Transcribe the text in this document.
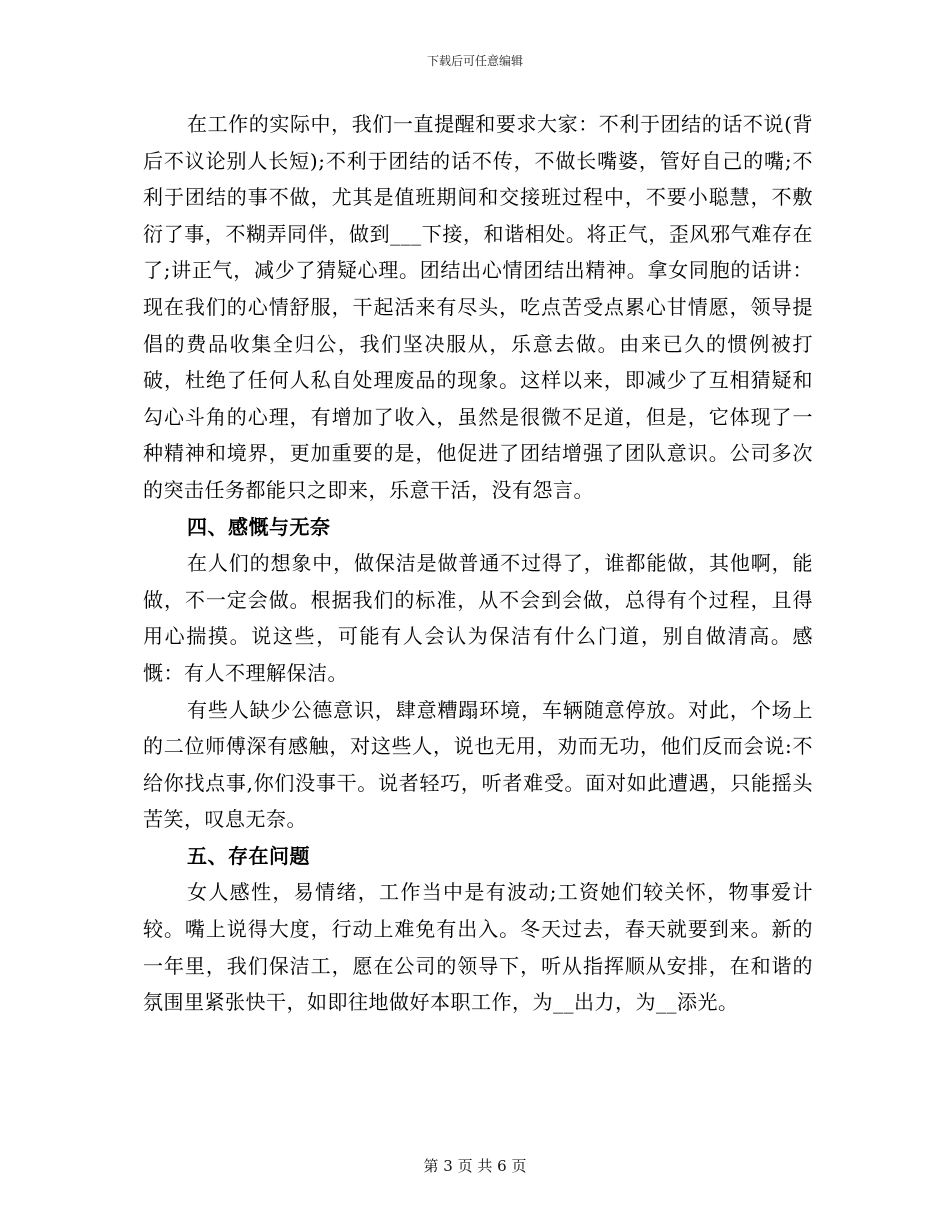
下载后可任意编辑

在工作的实际中，我们一直提醒和要求大家：不利于团结的话不说(背后不议论别人长短);不利于团结的话不传，不做长嘴婆，管好自己的嘴;不利于团结的事不做，尤其是值班期间和交接班过程中，不要小聪慧，不敷衍了事，不糊弄同伴，做到___下接，和谐相处。将正气，歪风邪气难存在了;讲正气，减少了猜疑心理。团结出心情团结出精神。拿女同胞的话讲：现在我们的心情舒服，干起活来有尽头，吃点苦受点累心甘情愿，领导提倡的费品收集全归公，我们坚决服从，乐意去做。由来已久的惯例被打破，杜绝了任何人私自处理废品的现象。这样以来，即减少了互相猜疑和勾心斗角的心理，有增加了收入，虽然是很微不足道，但是，它体现了一种精神和境界，更加重要的是，他促进了团结增强了团队意识。公司多次的突击任务都能只之即来，乐意干活，没有怨言。

四、感慨与无奈

在人们的想象中，做保洁是做普通不过得了，谁都能做，其他啊，能做，不一定会做。根据我们的标准，从不会到会做，总得有个过程，且得用心揣摸。说这些，可能有人会认为保洁有什么门道，别自做清高。感慨：有人不理解保洁。

有些人缺少公德意识，肆意糟蹋环境，车辆随意停放。对此，个场上的二位师傅深有感触，对这些人，说也无用，劝而无功，他们反而会说:不给你找点事,你们没事干。说者轻巧，听者难受。面对如此遭遇，只能摇头苦笑，叹息无奈。

五、存在问题

女人感性，易情绪，工作当中是有波动;工资她们较关怀，物事爱计较。嘴上说得大度，行动上难免有出入。冬天过去，春天就要到来。新的一年里，我们保洁工，愿在公司的领导下，听从指挥顺从安排，在和谐的氛围里紧张快干，如即往地做好本职工作，为__出力，为__添光。

第 3 页 共 6 页
